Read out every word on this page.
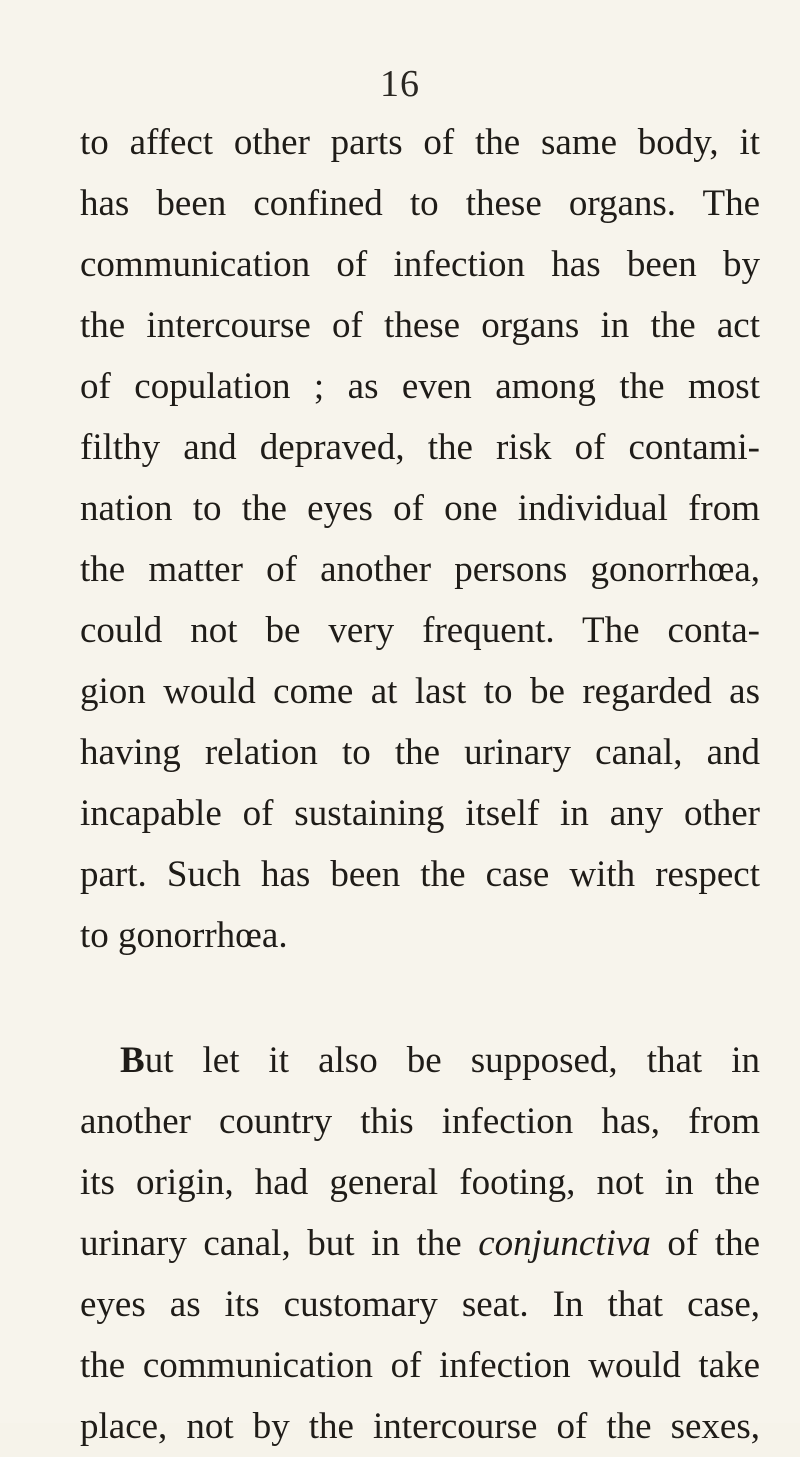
16
to affect other parts of the same body, it
has been confined to these organs. The
communication of infection has been by
the intercourse of these organs in the act
of copulation ; as even among the most
filthy and depraved, the risk of contami-
nation to the eyes of one individual from
the matter of another persons gonorrhœa,
could not be very frequent. The conta-
gion would come at last to be regarded as
having relation to the urinary canal, and
incapable of sustaining itself in any other
part. Such has been the case with respect
to gonorrhœa.
But let it also be supposed, that in
another country this infection has, from
its origin, had general footing, not in the
urinary canal, but in the conjunctiva of the
eyes as its customary seat. In that case,
the communication of infection would take
place, not by the intercourse of the sexes,
